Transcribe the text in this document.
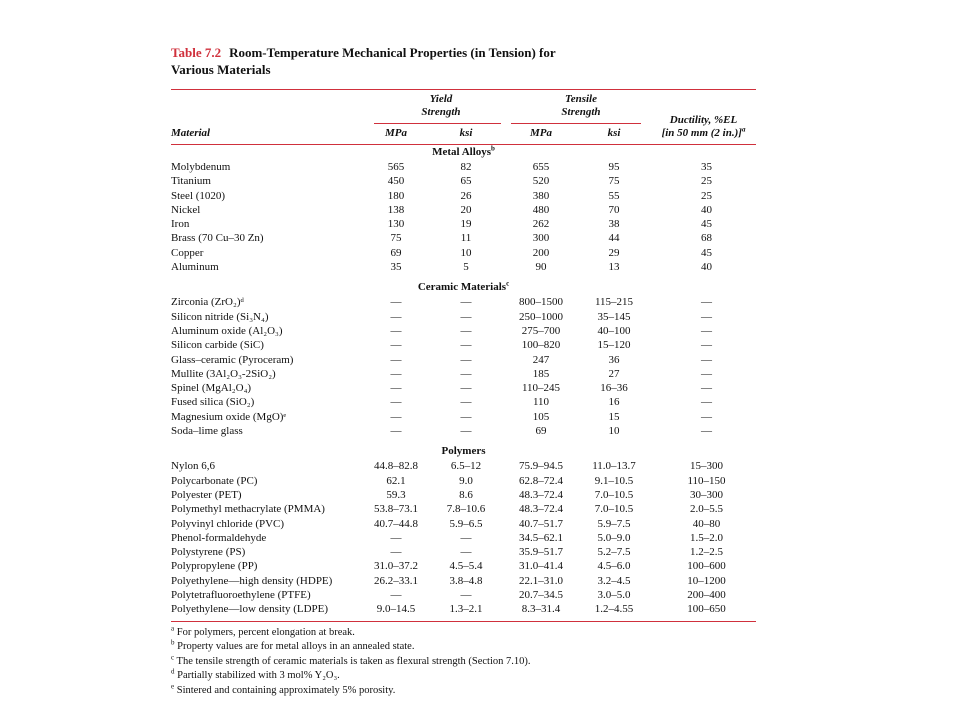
Table 7.2 Room-Temperature Mechanical Properties (in Tension) for
Various Materials
Yield
Strength
Tensile
Strength
Ductility, %EL
[in 50 mm (2 in.)]$^a$
Material	MPa	ksi	MPa	ksi
Metal Alloys$^b$
Molybdenum	565	82	655	95	35
Titanium	450	65	520	75	25
Steel (1020)	180	26	380	55	25
Nickel	138	20	480	70	40
Iron	130	19	262	38	45
Brass (70 Cu–30 Zn)	75	11	300	44	68
Copper	69	10	200	29	45
Aluminum	35	5	90	13	40
Ceramic Materials$^c$
Zirconia (ZrO₂)ᵈ	—	—	800–1500	115–215	—
Silicon nitride (Si₃N₄)	—	—	250–1000	35–145	—
Aluminum oxide (Al₂O₃)	—	—	275–700	40–100	—
Silicon carbide (SiC)	—	—	100–820	15–120	—
Glass–ceramic (Pyroceram)	—	—	247	36	—
Mullite (3Al₂O₃-2SiO₂)	—	—	185	27	—
Spinel (MgAl₂O₄)	—	—	110–245	16–36	—
Fused silica (SiO₂)	—	—	110	16	—
Magnesium oxide (MgO)ᵉ	—	—	105	15	—
Soda–lime glass	—	—	69	10	—
Polymers
Nylon 6,6	44.8–82.8	6.5–12	75.9–94.5	11.0–13.7	15–300
Polycarbonate (PC)	62.1	9.0	62.8–72.4	9.1–10.5	110–150
Polyester (PET)	59.3	8.6	48.3–72.4	7.0–10.5	30–300
Polymethyl methacrylate (PMMA)	53.8–73.1	7.8–10.6	48.3–72.4	7.0–10.5	2.0–5.5
Polyvinyl chloride (PVC)	40.7–44.8	5.9–6.5	40.7–51.7	5.9–7.5	40–80
Phenol-formaldehyde	—	—	34.5–62.1	5.0–9.0	1.5–2.0
Polystyrene (PS)	—	—	35.9–51.7	5.2–7.5	1.2–2.5
Polypropylene (PP)	31.0–37.2	4.5–5.4	31.0–41.4	4.5–6.0	100–600
Polyethylene—high density (HDPE)	26.2–33.1	3.8–4.8	22.1–31.0	3.2–4.5	10–1200
Polytetrafluoroethylene (PTFE)	—	—	20.7–34.5	3.0–5.0	200–400
Polyethylene—low density (LDPE)	9.0–14.5	1.3–2.1	8.3–31.4	1.2–4.55	100–650
$^a$ For polymers, percent elongation at break.
$^b$ Property values are for metal alloys in an annealed state.
$^c$ The tensile strength of ceramic materials is taken as flexural strength (Section 7.10).
$^d$ Partially stabilized with 3 mol% Y₂O₃.
$^e$ Sintered and containing approximately 5% porosity.
